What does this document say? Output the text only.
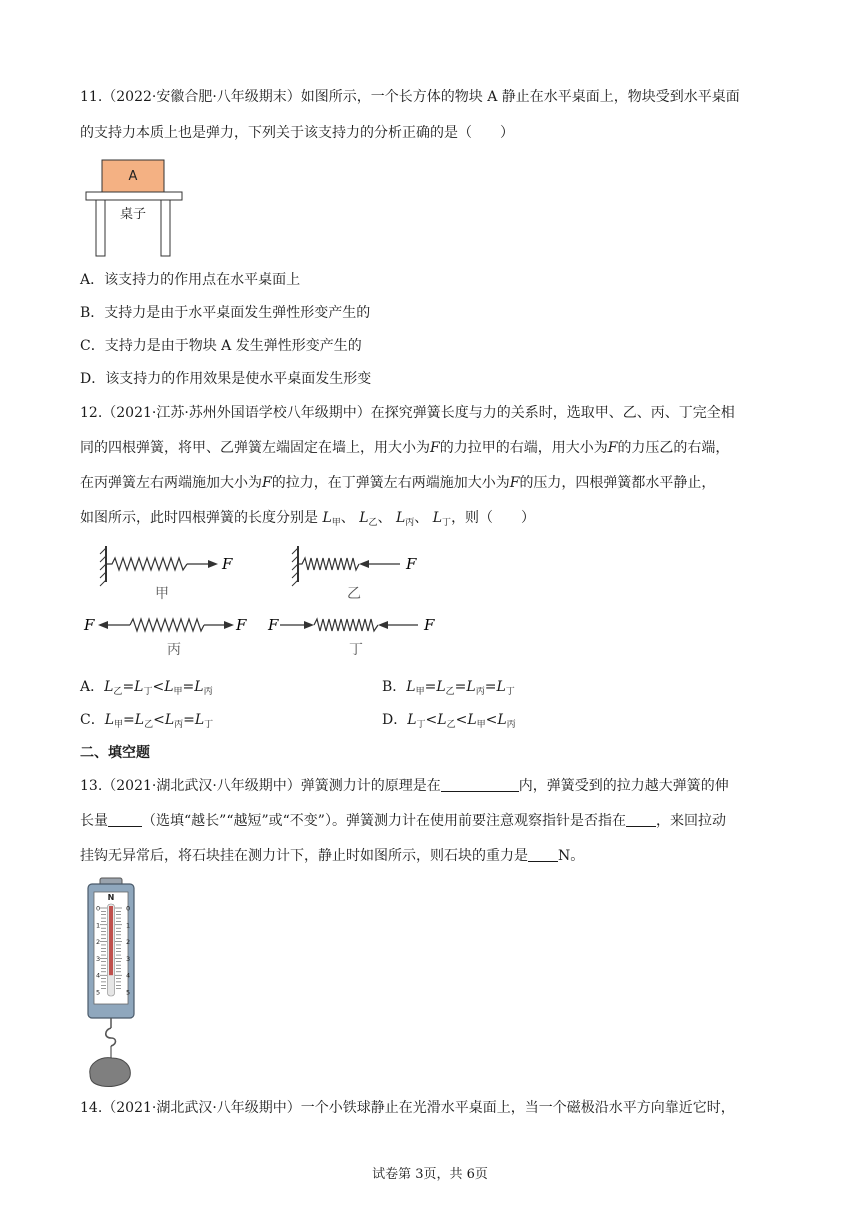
11.（2022·安徽合肥·八年级期末）如图所示，一个长方体的物块 A 静止在水平桌面上，物块受到水平桌面
的支持力本质上也是弹力，下列关于该支持力的分析正确的是（　　）
A
桌子
A．该支持力的作用点在水平桌面上
B．支持力是由于水平桌面发生弹性形变产生的
C．支持力是由于物块 A 发生弹性形变产生的
D．该支持力的作用效果是使水平桌面发生形变
12.（2021·江苏·苏州外国语学校八年级期中）在探究弹簧长度与力的关系时，选取甲、乙、丙、丁完全相
同的四根弹簧，将甲、乙弹簧左端固定在墙上，用大小为F的力拉甲的右端，用大小为F的力压乙的右端，
在丙弹簧左右两端施加大小为F的拉力，在丁弹簧左右两端施加大小为F的压力，四根弹簧都水平静止，
如图所示，此时四根弹簧的长度分别是 $L_甲$、 $L_乙$、 $L_丙$、 $L_丁$，则（　　）
F
甲
F
乙
F	F
丙
F	F
丁
A．$L_乙=L_丁<L_甲=L_丙$	B．$L_甲=L_乙=L_丙=L_丁$
C．$L_甲=L_乙<L_丙=L_丁$	D．$L_丁<L_乙<L_甲<L_丙$
二、填空题
13.（2021·湖北武汉·八年级期中）弹簧测力计的原理是在	内，弹簧受到的拉力越大弹簧的伸
长量 （选填“越长”“越短”或“不变”）。弹簧测力计在使用前要注意观察指针是否指在 ，来回拉动
挂钩无异常后，将石块挂在测力计下，静止时如图所示，则石块的重力是 N。
N
0	0
1	1
2	2
3	3
4	4
5	5
14.（2021·湖北武汉·八年级期中）一个小铁球静止在光滑水平桌面上，当一个磁极沿水平方向靠近它时，
试卷第 3页，共 6页
